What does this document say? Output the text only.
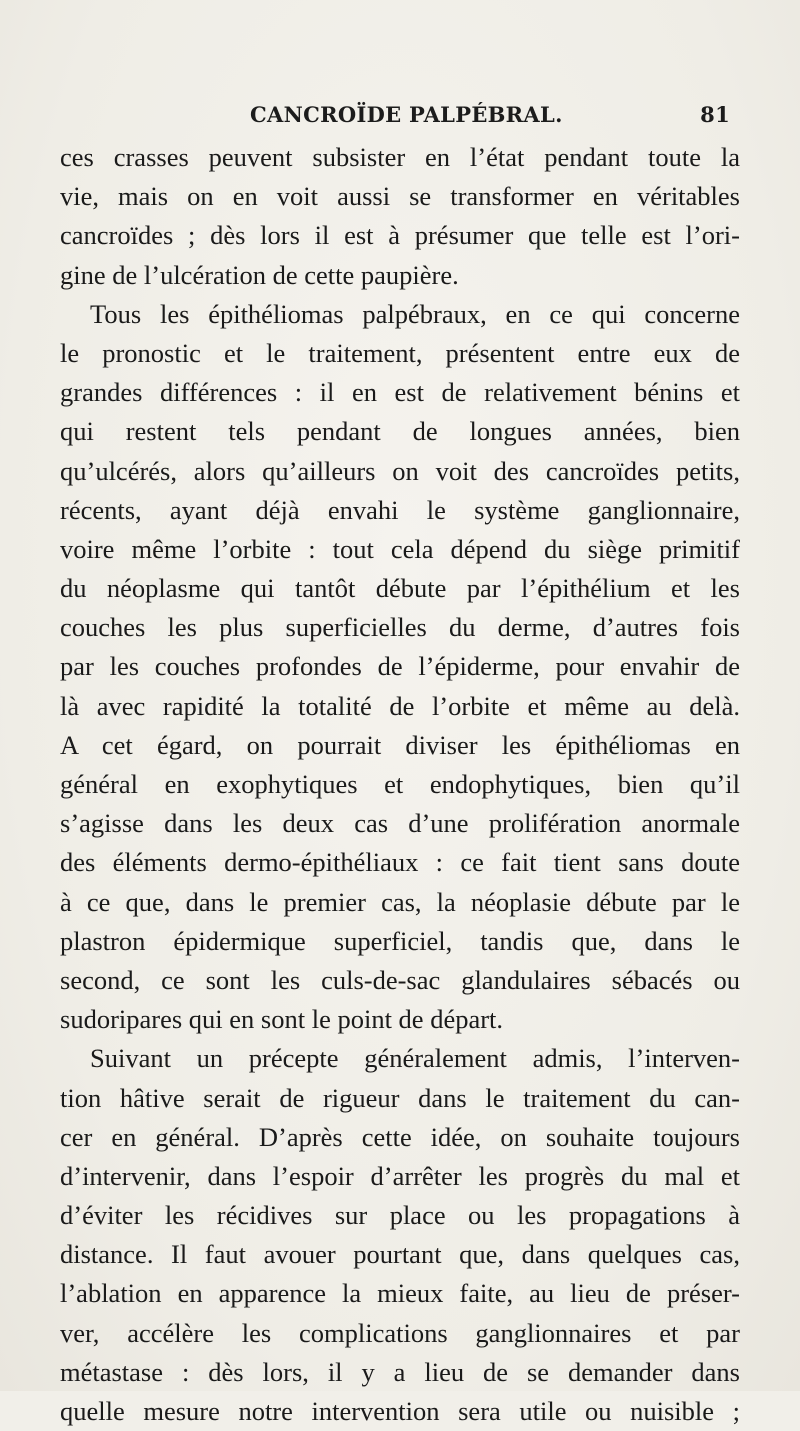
CANCROÏDE PALPÉBRAL.	81
ces crasses peuvent subsister en l’état pendant toute la
vie, mais on en voit aussi se transformer en véritables
cancroïdes ; dès lors il est à présumer que telle est l’ori-
gine de l’ulcération de cette paupière.
Tous les épithéliomas palpébraux, en ce qui concerne
le pronostic et le traitement, présentent entre eux de
grandes différences : il en est de relativement bénins et
qui restent tels pendant de longues années, bien
qu’ulcérés, alors qu’ailleurs on voit des cancroïdes petits,
récents, ayant déjà envahi le système ganglionnaire,
voire même l’orbite : tout cela dépend du siège primitif
du néoplasme qui tantôt débute par l’épithélium et les
couches les plus superficielles du derme, d’autres fois
par les couches profondes de l’épiderme, pour envahir de
là avec rapidité la totalité de l’orbite et même au delà.
A cet égard, on pourrait diviser les épithéliomas en
général en exophytiques et endophytiques, bien qu’il
s’agisse dans les deux cas d’une prolifération anormale
des éléments dermo-épithéliaux : ce fait tient sans doute
à ce que, dans le premier cas, la néoplasie débute par le
plastron épidermique superficiel, tandis que, dans le
second, ce sont les culs-de-sac glandulaires sébacés ou
sudoripares qui en sont le point de départ.
Suivant un précepte généralement admis, l’interven-
tion hâtive serait de rigueur dans le traitement du can-
cer en général. D’après cette idée, on souhaite toujours
d’intervenir, dans l’espoir d’arrêter les progrès du mal et
d’éviter les récidives sur place ou les propagations à
distance. Il faut avouer pourtant que, dans quelques cas,
l’ablation en apparence la mieux faite, au lieu de préser-
ver, accélère les complications ganglionnaires et par
métastase : dès lors, il y a lieu de se demander dans
quelle mesure notre intervention sera utile ou nuisible ;
